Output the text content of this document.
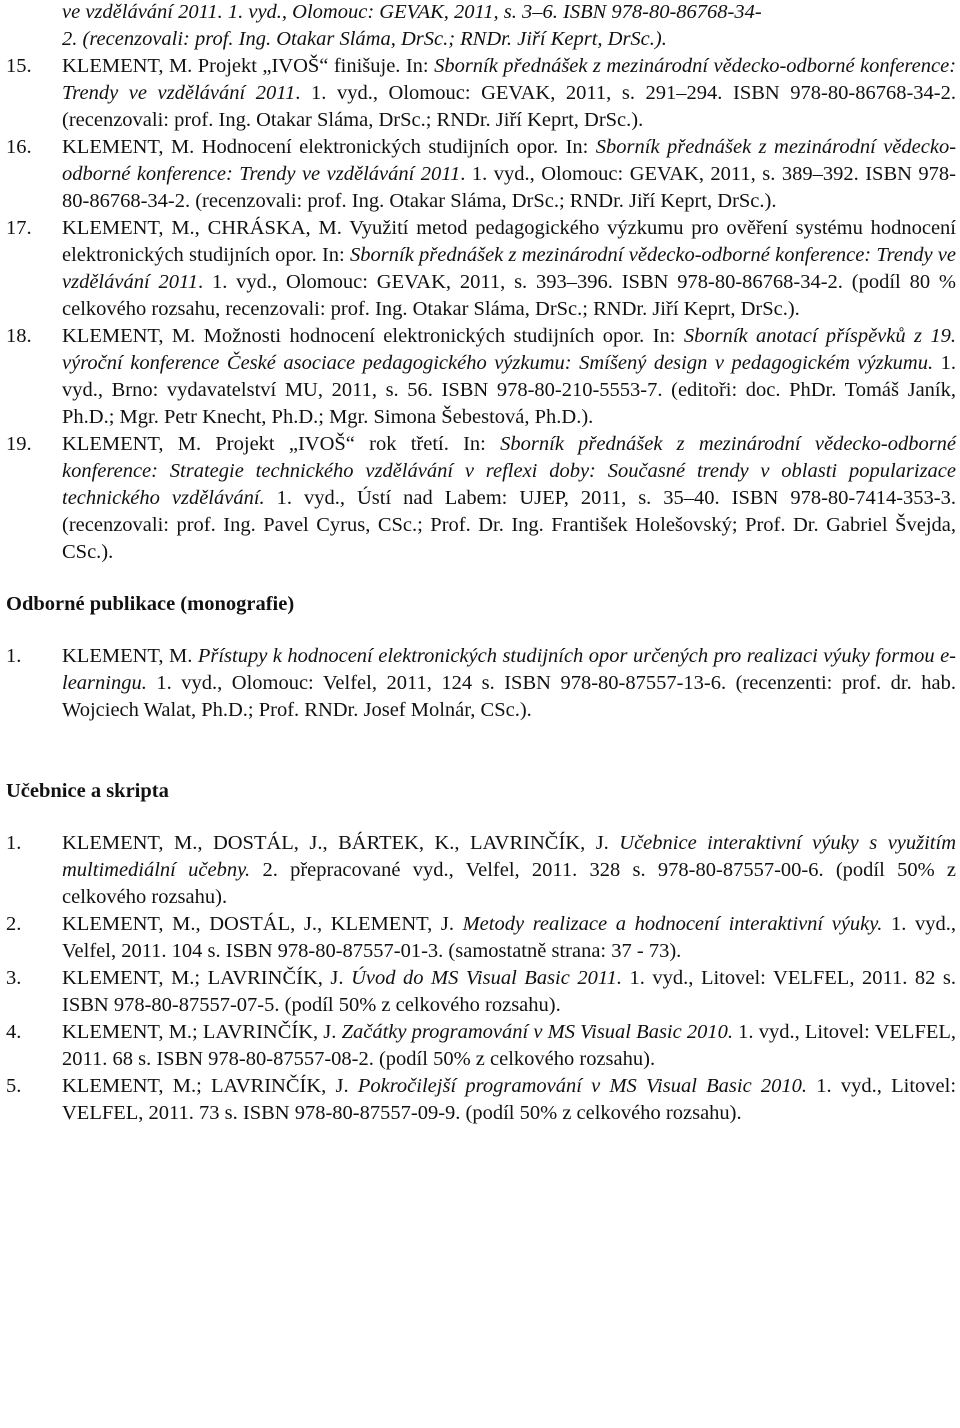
ve vzdělávání 2011. 1. vyd., Olomouc: GEVAK, 2011, s. 3–6. ISBN 978-80-86768-34-
2. (recenzovali: prof. Ing. Otakar Sláma, DrSc.; RNDr. Jiří Keprt, DrSc.).
15.	KLEMENT, M. Projekt „IVOŠ“ finišuje. In: Sborník přednášek z mezinárodní vědecko-odborné konference: Trendy ve vzdělávání 2011. 1. vyd., Olomouc: GEVAK, 2011, s. 291–294. ISBN 978-80-86768-34-2. (recenzovali: prof. Ing. Otakar Sláma, DrSc.; RNDr. Jiří Keprt, DrSc.).
16.	KLEMENT, M. Hodnocení elektronických studijních opor. In: Sborník přednášek z mezinárodní vědecko-odborné konference: Trendy ve vzdělávání 2011. 1. vyd., Olomouc: GEVAK, 2011, s. 389–392. ISBN 978-80-86768-34-2. (recenzovali: prof. Ing. Otakar Sláma, DrSc.; RNDr. Jiří Keprt, DrSc.).
17.	KLEMENT, M., CHRÁSKA, M. Využití metod pedagogického výzkumu pro ověření systému hodnocení elektronických studijních opor. In: Sborník přednášek z mezinárodní vědecko-odborné konference: Trendy ve vzdělávání 2011. 1. vyd., Olomouc: GEVAK, 2011, s. 393–396. ISBN 978-80-86768-34-2. (podíl 80 % celkového rozsahu, recenzovali: prof. Ing. Otakar Sláma, DrSc.; RNDr. Jiří Keprt, DrSc.).
18.	KLEMENT, M. Možnosti hodnocení elektronických studijních opor. In: Sborník anotací příspěvků z 19. výroční konference České asociace pedagogického výzkumu: Smíšený design v pedagogickém výzkumu. 1. vyd., Brno: vydavatelství MU, 2011, s. 56. ISBN 978-80-210-5553-7. (editoři: doc. PhDr. Tomáš Janík, Ph.D.; Mgr. Petr Knecht, Ph.D.; Mgr. Simona Šebestová, Ph.D.).
19.	KLEMENT, M. Projekt „IVOŠ“ rok třetí. In: Sborník přednášek z mezinárodní vědecko-odborné konference: Strategie technického vzdělávání v reflexi doby: Současné trendy v oblasti popularizace technického vzdělávání. 1. vyd., Ústí nad Labem: UJEP, 2011, s. 35–40. ISBN 978-80-7414-353-3. (recenzovali: prof. Ing. Pavel Cyrus, CSc.; Prof. Dr. Ing. František Holešovský; Prof. Dr. Gabriel Švejda, CSc.).
Odborné publikace (monografie)
1.	KLEMENT, M. Přístupy k hodnocení elektronických studijních opor určených pro realizaci výuky formou e-learningu. 1. vyd., Olomouc: Velfel, 2011, 124 s. ISBN 978-80-87557-13-6. (recenzenti: prof. dr. hab. Wojciech Walat, Ph.D.; Prof. RNDr. Josef Molnár, CSc.).
Učebnice a skripta
1.	KLEMENT, M., DOSTÁL, J., BÁRTEK, K., LAVRINČÍK, J. Učebnice interaktivní výuky s využitím multimediální učebny. 2. přepracované vyd., Velfel, 2011. 328 s. 978-80-87557-00-6. (podíl 50% z celkového rozsahu).
2.	KLEMENT, M., DOSTÁL, J., KLEMENT, J. Metody realizace a hodnocení interaktivní výuky. 1. vyd., Velfel, 2011. 104 s. ISBN 978-80-87557-01-3. (samostatně strana: 37 - 73).
3.	KLEMENT, M.; LAVRINČÍK, J. Úvod do MS Visual Basic 2011. 1. vyd., Litovel: VELFEL, 2011. 82 s. ISBN 978-80-87557-07-5. (podíl 50% z celkového rozsahu).
4.	KLEMENT, M.; LAVRINČÍK, J. Začátky programování v MS Visual Basic 2010. 1. vyd., Litovel: VELFEL, 2011. 68 s. ISBN 978-80-87557-08-2. (podíl 50% z celkového rozsahu).
5.	KLEMENT, M.; LAVRINČÍK, J. Pokročilejší programování v MS Visual Basic 2010. 1. vyd., Litovel: VELFEL, 2011. 73 s. ISBN 978-80-87557-09-9. (podíl 50% z celkového rozsahu).
